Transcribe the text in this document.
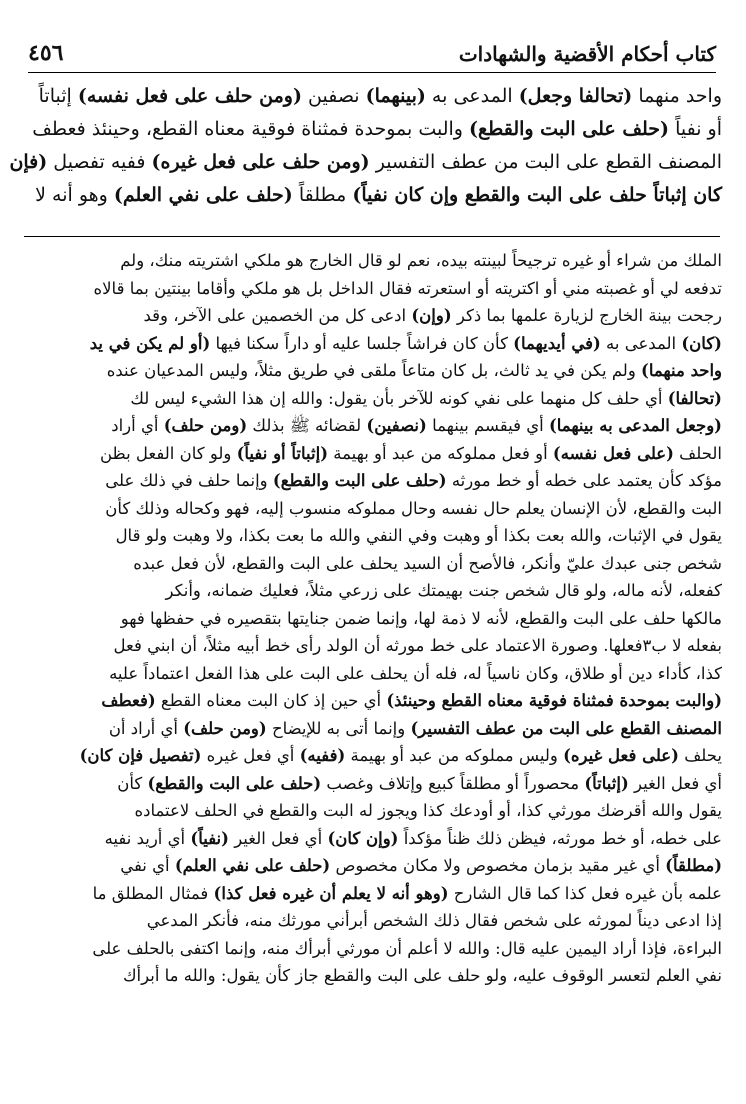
كتاب أحكام الأقضية والشهادات
٤٥٦
واحد منهما (تحالفا وجعل) المدعى به (بينهما) نصفين (ومن حلف على فعل نفسه) إثباتاً
أو نفياً (حلف على البت والقطع) والبت بموحدة فمثناة فوقية معناه القطع، وحينئذ فعطف
المصنف القطع على البت من عطف التفسير (ومن حلف على فعل غيره) ففيه تفصيل (فإن
كان إثباتاً حلف على البت والقطع وإن كان نفياً) مطلقاً (حلف على نفي العلم) وهو أنه لا
الملك من شراء أو غيره ترجيحاً لبينته بيده، نعم لو قال الخارج هو ملكي اشتريته منك، ولم
تدفعه لي أو غصبته مني أو اكتريته أو استعرته فقال الداخل بل هو ملكي وأقاما بينتين بما قالاه
رجحت بينة الخارج لزيارة علمها بما ذكر (وإن) ادعى كل من الخصمين على الآخر، وقد
(كان) المدعى به (في أيديهما) كأن كان فراشاً جلسا عليه أو داراً سكنا فيها (أو لم يكن في يد
واحد منهما) ولم يكن في يد ثالث، بل كان متاعاً ملقى في طريق مثلاً، وليس المدعيان عنده
(تحالفا) أي حلف كل منهما على نفي كونه للآخر بأن يقول: والله إن هذا الشيء ليس لك
(وجعل المدعى به بينهما) أي فيقسم بينهما (نصفين) لقضائه ﷺ بذلك (ومن حلف) أي أراد
الحلف (على فعل نفسه) أو فعل مملوكه من عبد أو بهيمة (إثباتاً أو نفياً) ولو كان الفعل بظن
مؤكد كأن يعتمد على خطه أو خط مورثه (حلف على البت والقطع) وإنما حلف في ذلك على
البت والقطع، لأن الإنسان يعلم حال نفسه وحال مملوكه منسوب إليه، فهو وكحاله وذلك كأن
يقول في الإثبات، والله بعت بكذا أو وهبت وفي النفي والله ما بعت بكذا، ولا وهبت ولو قال
شخص جنى عبدك عليّ وأنكر، فالأصح أن السيد يحلف على البت والقطع، لأن فعل عبده
كفعله، لأنه ماله، ولو قال شخص جنت بهيمتك على زرعي مثلاً، فعليك ضمانه، وأنكر
مالكها حلف على البت والقطع، لأنه لا ذمة لها، وإنما ضمن جنايتها بتقصيره في حفظها فهو
بفعله لا ب٣فعلها. وصورة الاعتماد على خط مورثه أن الولد رأى خط أبيه مثلاً، أن ابني فعل
كذا، كأداء دين أو طلاق، وكان ناسياً له، فله أن يحلف على البت على هذا الفعل اعتماداً عليه
(والبت بموحدة فمثناة فوقية معناه القطع وحينئذ) أي حين إذ كان البت معناه القطع (فعطف
المصنف القطع على البت من عطف التفسير) وإنما أتى به للإيضاح (ومن حلف) أي أراد أن
يحلف (على فعل غيره) وليس مملوكه من عبد أو بهيمة (ففيه) أي فعل غيره (تفصيل فإن كان)
أي فعل الغير (إثباتاً) محصوراً أو مطلقاً كبيع وإتلاف وغصب (حلف على البت والقطع) كأن
يقول والله أقرضك مورثي كذا، أو أودعك كذا ويجوز له البت والقطع في الحلف لاعتماده
على خطه، أو خط مورثه، فيظن ذلك ظناً مؤكداً (وإن كان) أي فعل الغير (نفياً) أي أريد نفيه
(مطلقاً) أي غير مقيد بزمان مخصوص ولا مكان مخصوص (حلف على نفي العلم) أي نفي
علمه بأن غيره فعل كذا كما قال الشارح (وهو أنه لا يعلم أن غيره فعل كذا) فمثال المطلق ما
إذا ادعى ديناً لمورثه على شخص فقال ذلك الشخص أبرأني مورثك منه، فأنكر المدعي
البراءة، فإذا أراد اليمين عليه قال: والله لا أعلم أن مورثي أبرأك منه، وإنما اكتفى بالحلف على
نفي العلم لتعسر الوقوف عليه، ولو حلف على البت والقطع جاز كأن يقول: والله ما أبرأك
